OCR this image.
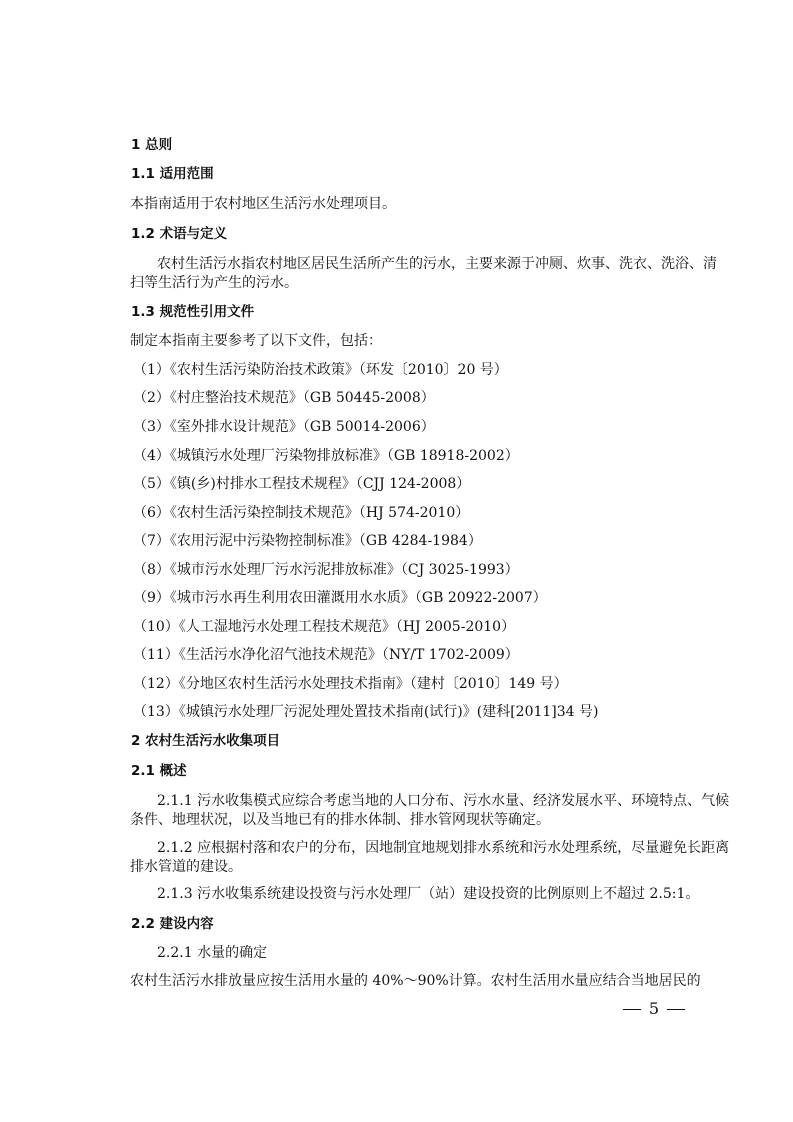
1 总则
1.1 适用范围
本指南适用于农村地区生活污水处理项目。
1.2 术语与定义
农村生活污水指农村地区居民生活所产生的污水，主要来源于冲厕、炊事、洗衣、洗浴、清
扫等生活行为产生的污水。
1.3 规范性引用文件
制定本指南主要参考了以下文件，包括：
（1）《农村生活污染防治技术政策》（环发〔2010〕20 号）
（2）《村庄整治技术规范》（GB 50445-2008）
（3）《室外排水设计规范》（GB 50014-2006）
（4）《城镇污水处理厂污染物排放标准》（GB 18918-2002）
（5）《镇(乡)村排水工程技术规程》（CJJ 124-2008）
（6）《农村生活污染控制技术规范》（HJ 574-2010）
（7）《农用污泥中污染物控制标准》（GB 4284-1984）
（8）《城市污水处理厂污水污泥排放标准》（CJ 3025-1993）
（9）《城市污水再生利用农田灌溉用水水质》（GB 20922-2007）
（10）《人工湿地污水处理工程技术规范》（HJ 2005-2010）
（11）《生活污水净化沼气池技术规范》（NY/T 1702-2009）
（12）《分地区农村生活污水处理技术指南》（建村〔2010〕149 号）
（13）《城镇污水处理厂污泥处理处置技术指南(试行)》(建科[2011]34 号)
2 农村生活污水收集项目
2.1 概述
2.1.1 污水收集模式应综合考虑当地的人口分布、污水水量、经济发展水平、环境特点、气候
条件、地理状况，以及当地已有的排水体制、排水管网现状等确定。
2.1.2 应根据村落和农户的分布，因地制宜地规划排水系统和污水处理系统，尽量避免长距离
排水管道的建设。
2.1.3 污水收集系统建设投资与污水处理厂（站）建设投资的比例原则上不超过 2.5:1。
2.2 建设内容
2.2.1 水量的确定
农村生活污水排放量应按生活用水量的 40%～90%计算。农村生活用水量应结合当地居民的
5
